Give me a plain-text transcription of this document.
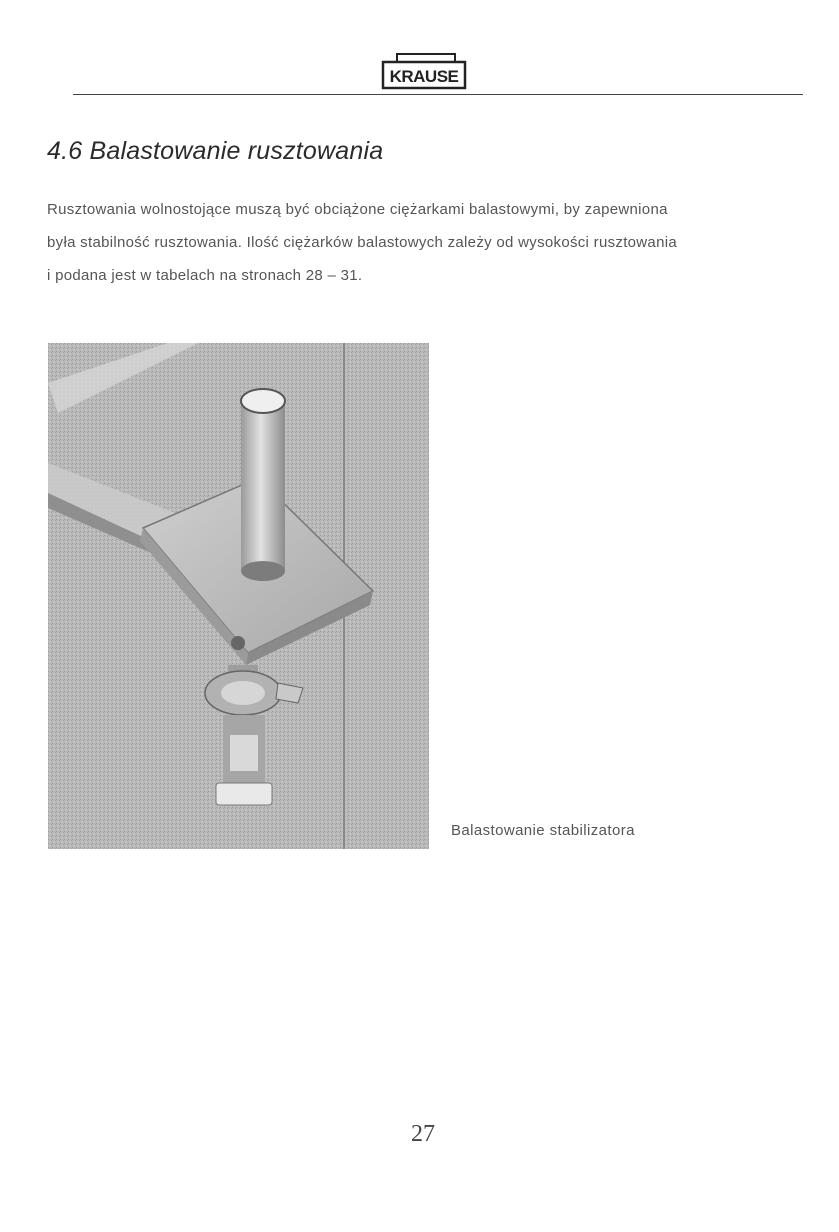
KRAUSE
4.6 Balastowanie rusztowania

Rusztowania wolnostojące muszą być obciążone ciężarkami balastowymi, by zapewniona

była stabilność rusztowania. Ilość ciężarków balastowych zależy od wysokości rusztowania

i podana jest w tabelach na stronach 28 – 31.

Balastowanie stabilizatora
27
